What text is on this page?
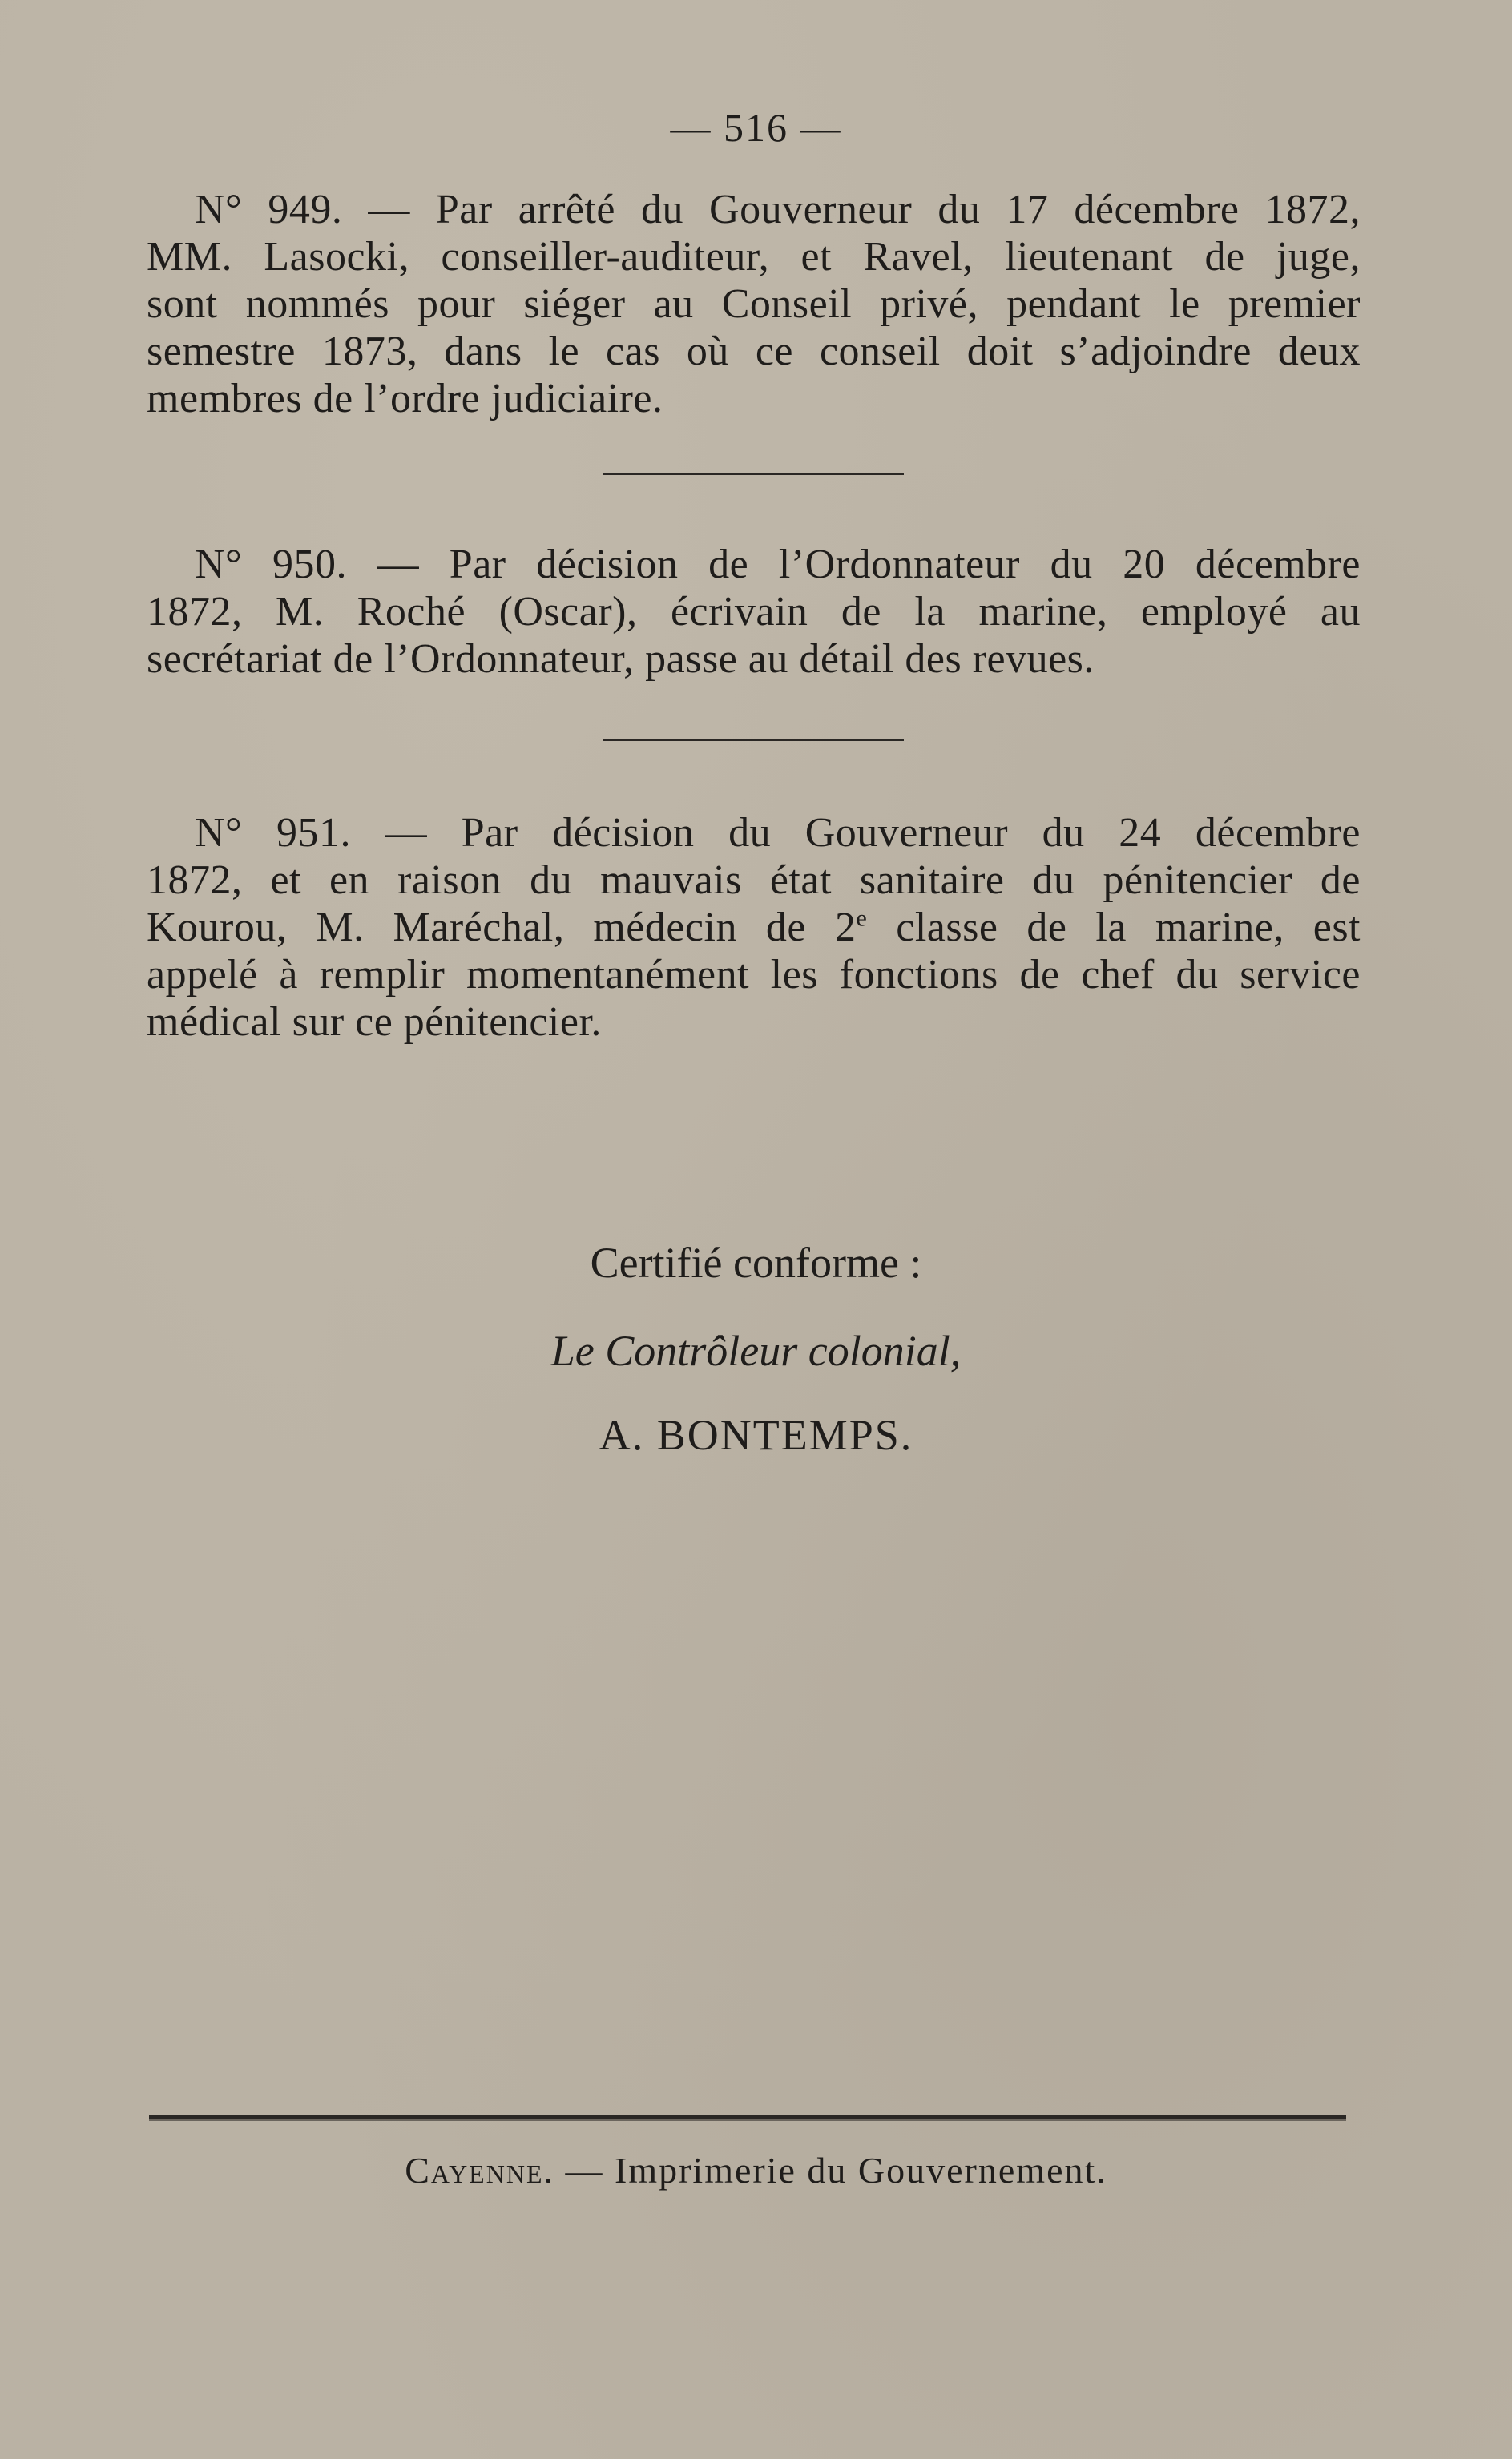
— 516 —
N° 949. — Par arrêté du Gouverneur du 17 décembre 1872,
MM. Lasocki, conseiller-auditeur, et Ravel, lieutenant de juge,
sont nommés pour siéger au Conseil privé, pendant le premier
semestre 1873, dans le cas où ce conseil doit s’adjoindre deux
membres de l’ordre judiciaire.
N° 950. — Par décision de l’Ordonnateur du 20 décembre
1872, M. Roché (Oscar), écrivain de la marine, employé au
secrétariat de l’Ordonnateur, passe au détail des revues.
N° 951. — Par décision du Gouverneur du 24 décembre
1872, et en raison du mauvais état sanitaire du pénitencier de
Kourou, M. Maréchal, médecin de 2e classe de la marine, est
appelé à remplir momentanément les fonctions de chef du service
médical sur ce pénitencier.
Certifié conforme :
Le Contrôleur colonial,
A. BONTEMPS.
Cayenne. — Imprimerie du Gouvernement.
